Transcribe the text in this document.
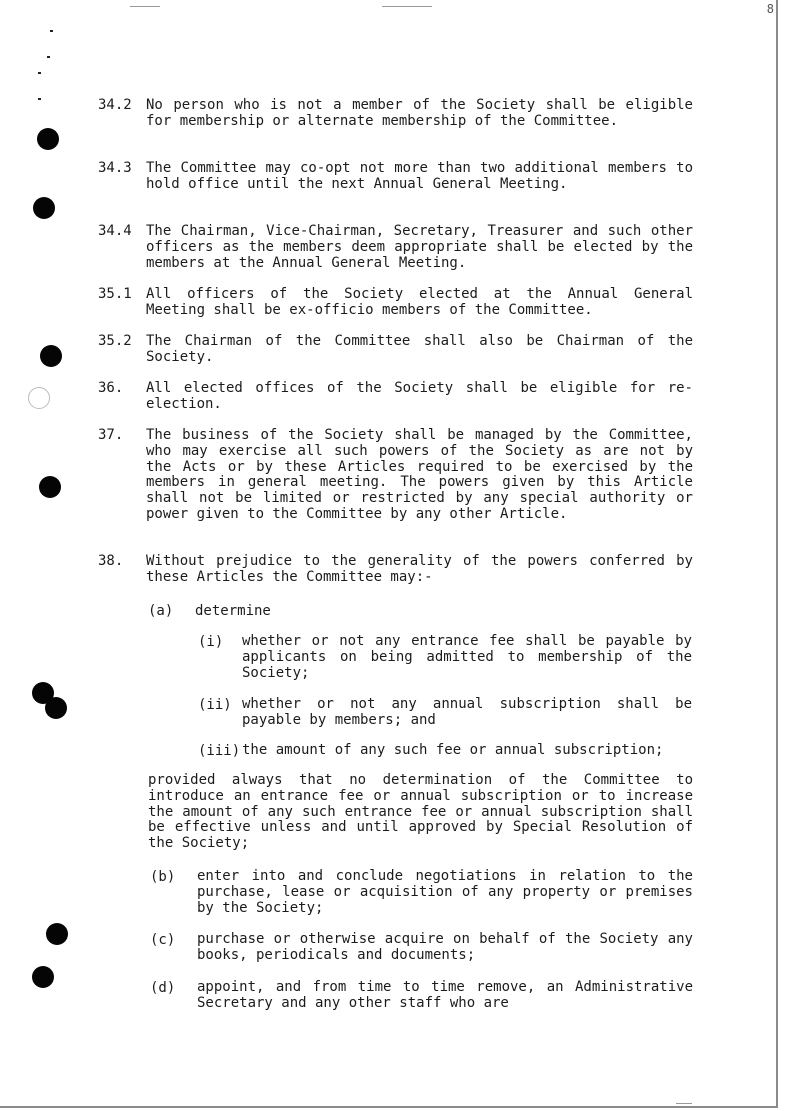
8
34.2 No person who is not a member of the Society shall be eligible for membership or alternate membership of the Committee.
34.3 The Committee may co-opt not more than two additional members to hold office until the next Annual General Meeting.
34.4 The Chairman, Vice-Chairman, Secretary, Treasurer and such other officers as the members deem appropriate shall be elected by the members at the Annual General Meeting.
35.1 All officers of the Society elected at the Annual General Meeting shall be ex-officio members of the Committee.
35.2 The Chairman of the Committee shall also be Chairman of the Society.
36. All elected offices of the Society shall be eligible for re-election.
37. The business of the Society shall be managed by the Committee, who may exercise all such powers of the Society as are not by the Acts or by these Articles required to be exercised by the members in general meeting. The powers given by this Article shall not be limited or restricted by any special authority or power given to the Committee by any other Article.
38. Without prejudice to the generality of the powers conferred by these Articles the Committee may:-
(a) determine
(i) whether or not any entrance fee shall be payable by applicants on being admitted to membership of the Society;
(ii) whether or not any annual subscription shall be payable by members; and
(iii) the amount of any such fee or annual subscription;
provided always that no determination of the Committee to introduce an entrance fee or annual subscription or to increase the amount of any such entrance fee or annual subscription shall be effective unless and until approved by Special Resolution of the Society;
(b) enter into and conclude negotiations in relation to the purchase, lease or acquisition of any property or premises by the Society;
(c) purchase or otherwise acquire on behalf of the Society any books, periodicals and documents;
(d) appoint, and from time to time remove, an Administrative Secretary and any other staff who are
